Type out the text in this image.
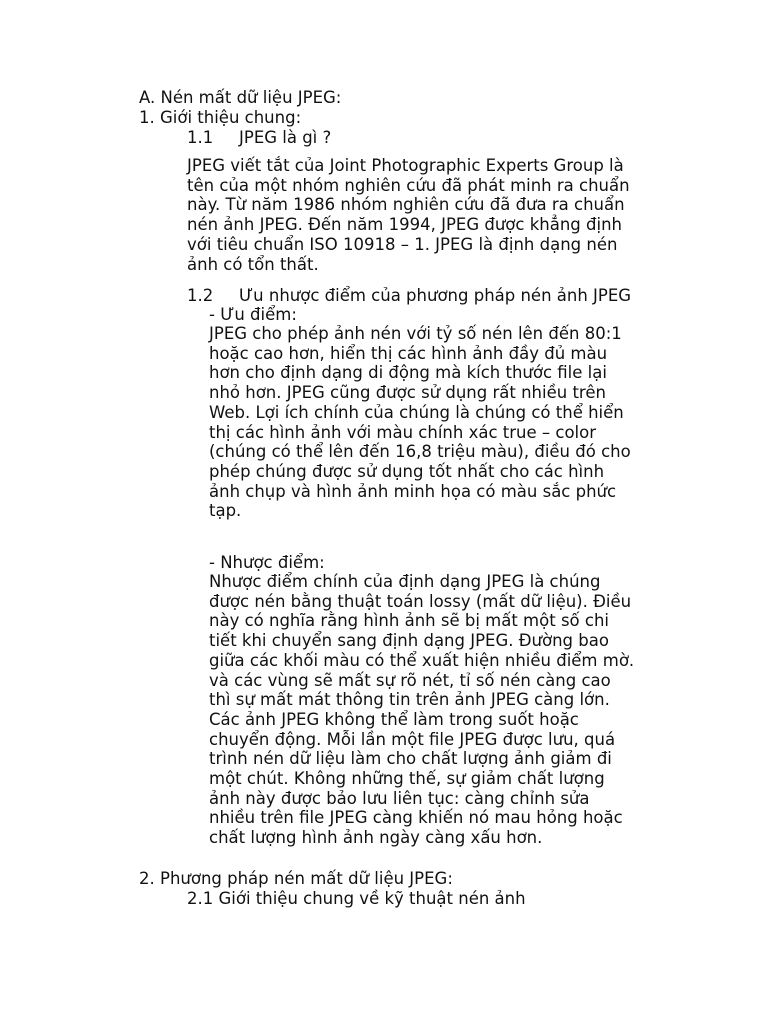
A. Nén mất dữ liệu JPEG:
1. Giới thiệu chung:
1.1 JPEG là gì ?
JPEG viết tắt của Joint Photographic Experts Group là
tên của một nhóm nghiên cứu đã phát minh ra chuẩn
này. Từ năm 1986 nhóm nghiên cứu đã đưa ra chuẩn
nén ảnh JPEG. Đến năm 1994, JPEG được khẳng định
với tiêu chuẩn ISO 10918 – 1. JPEG là định dạng nén
ảnh có tổn thất.
1.2 Ưu nhược điểm của phương pháp nén ảnh JPEG
- Ưu điểm:
JPEG cho phép ảnh nén với tỷ số nén lên đến 80:1
hoặc cao hơn, hiển thị các hình ảnh đầy đủ màu
hơn cho định dạng di động mà kích thước file lại
nhỏ hơn. JPEG cũng được sử dụng rất nhiều trên
Web. Lợi ích chính của chúng là chúng có thể hiển
thị các hình ảnh với màu chính xác true – color
(chúng có thể lên đến 16,8 triệu màu), điều đó cho
phép chúng được sử dụng tốt nhất cho các hình
ảnh chụp và hình ảnh minh họa có màu sắc phức
tạp.
- Nhược điểm:
Nhược điểm chính của định dạng JPEG là chúng
được nén bằng thuật toán lossy (mất dữ liệu). Điều
này có nghĩa rằng hình ảnh sẽ bị mất một số chi
tiết khi chuyển sang định dạng JPEG. Đường bao
giữa các khối màu có thể xuất hiện nhiều điểm mờ.
và các vùng sẽ mất sự rõ nét, tỉ số nén càng cao
thì sự mất mát thông tin trên ảnh JPEG càng lớn.
Các ảnh JPEG không thể làm trong suốt hoặc
chuyển động. Mỗi lần một file JPEG được lưu, quá
trình nén dữ liệu làm cho chất lượng ảnh giảm đi
một chút. Không những thế, sự giảm chất lượng
ảnh này được bảo lưu liên tục: càng chỉnh sửa
nhiều trên file JPEG càng khiến nó mau hỏng hoặc
chất lượng hình ảnh ngày càng xấu hơn.
2. Phương pháp nén mất dữ liệu JPEG:
2.1 Giới thiệu chung về kỹ thuật nén ảnh
